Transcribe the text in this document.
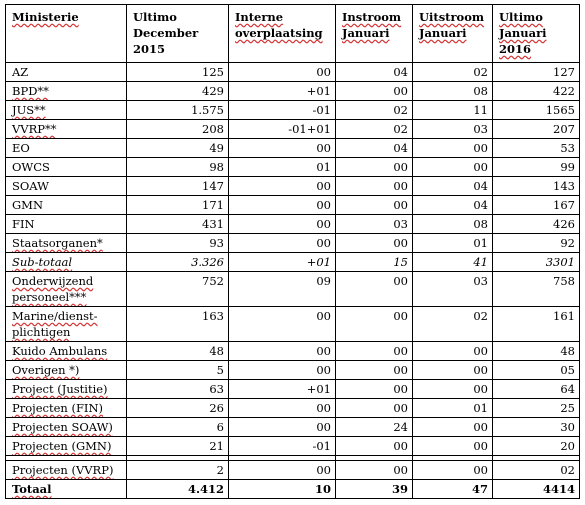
Ministerie	Ultimo December 2015	Interne overplaatsing	Instroom Januari	Uitstroom Januari	Ultimo Januari 2016
AZ	125	00	04	02	127
BPD**	429	+01	00	08	422
JUS**	1.575	-01	02	11	1565
VVRP**	208	-01+01	02	03	207
EO	49	00	04	00	53
OWCS	98	01	00	00	99
SOAW	147	00	00	04	143
GMN	171	00	00	04	167
FIN	431	00	03	08	426
Staatsorganen*	93	00	00	01	92
Sub-totaal	3.326	+01	15	41	3301
Onderwijzend personeel***	752	09	00	03	758
Marine/dienst-plichtigen	163	00	00	02	161
Kuido Ambulans	48	00	00	00	48
Overigen *)	5	00	00	00	05
Project (Justitie)	63	+01	00	00	64
Projecten (FIN)	26	00	00	01	25
Projecten SOAW)	6	00	24	00	30
Projecten (GMN)	21	-01	00	00	20

Projecten (VVRP)	2	00	00	00	02
Totaal	4.412	10	39	47	4414
